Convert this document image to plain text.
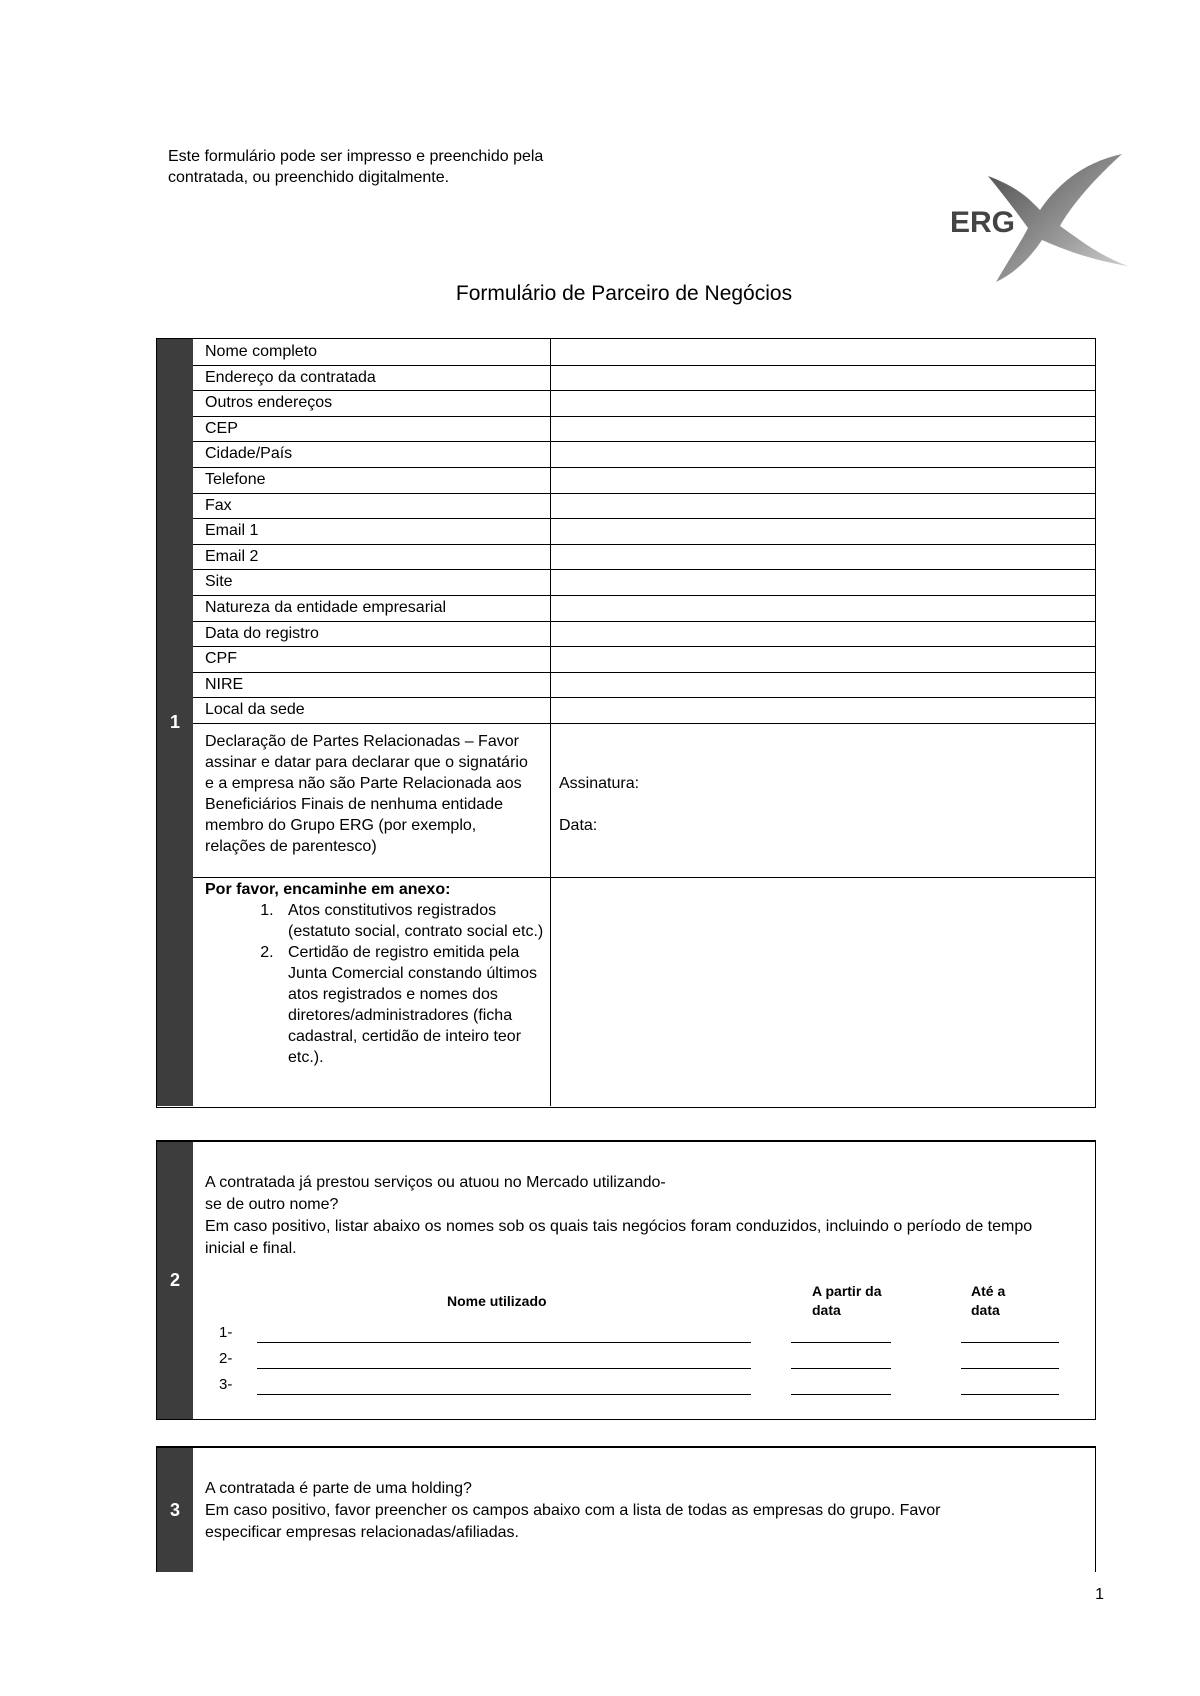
Este formulário pode ser impresso e preenchido pela
contratada, ou preenchido digitalmente.
ERG
Formulário de Parceiro de Negócios
1
Nome completo
Endereço da contratada
Outros endereços
CEP
Cidade/País
Telefone
Fax
Email 1
Email 2
Site
Natureza da entidade empresarial
Data do registro
CPF
NIRE
Local da sede
Declaração de Partes Relacionadas – Favor assinar e datar para declarar que o signatário e a empresa não são Parte Relacionada aos Beneficiários Finais de nenhuma entidade membro do Grupo ERG (por exemplo, relações de parentesco)
Assinatura:
Data:
Por favor, encaminhe em anexo:
1. Atos constitutivos registrados (estatuto social, contrato social etc.)
2. Certidão de registro emitida pela Junta Comercial constando últimos atos registrados e nomes dos diretores/administradores (ficha cadastral, certidão de inteiro teor etc.).
2
A contratada já prestou serviços ou atuou no Mercado utilizando-
se de outro nome?
Em caso positivo, listar abaixo os nomes sob os quais tais negócios foram conduzidos, incluindo o período de tempo inicial e final.
Nome utilizado
A partir da data
Até a data
1-
2-
3-
3
A contratada é parte de uma holding?
Em caso positivo, favor preencher os campos abaixo com a lista de todas as empresas do grupo. Favor especificar empresas relacionadas/afiliadas.
1
